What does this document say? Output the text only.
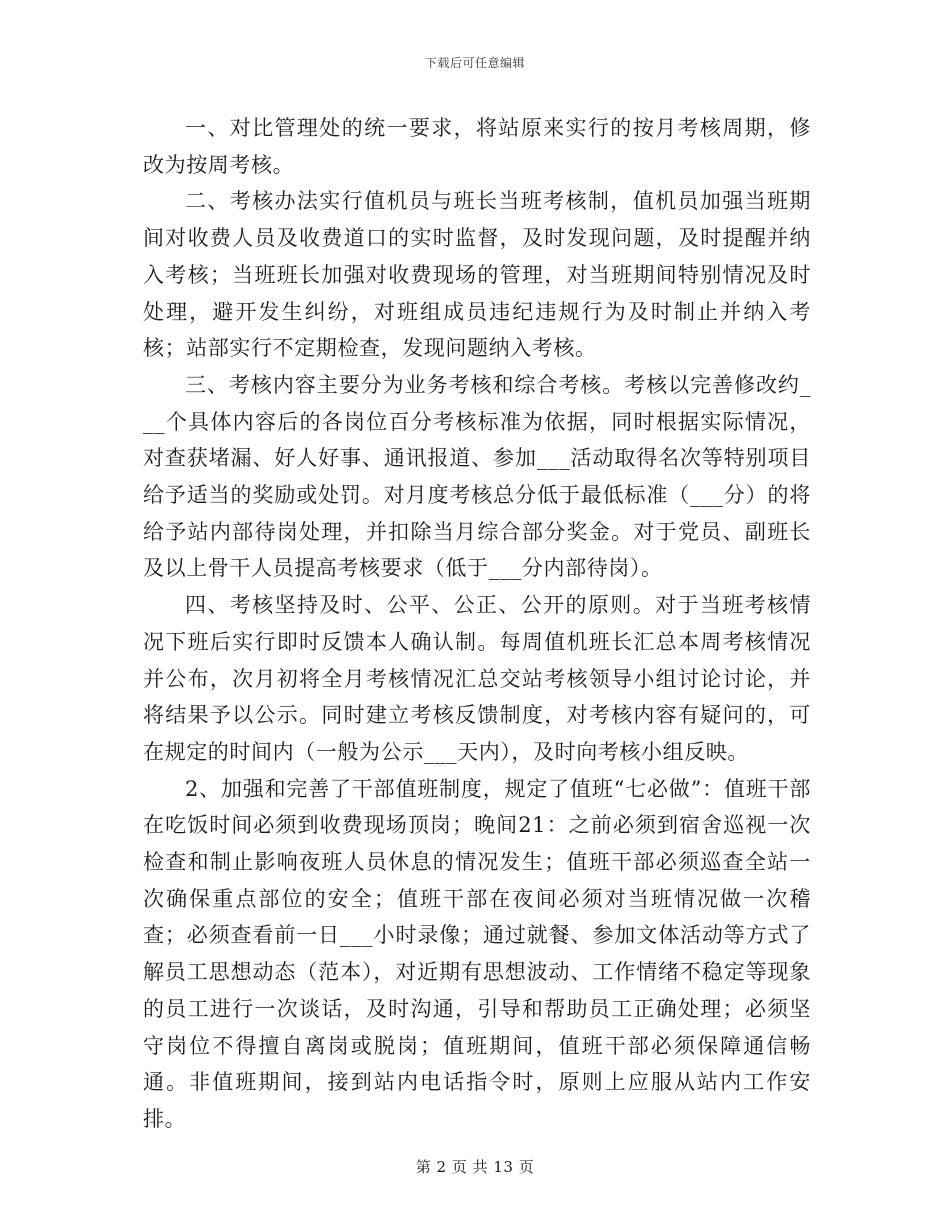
下载后可任意编辑

一、对比管理处的统一要求，将站原来实行的按月考核周期，修改为按周考核。

二、考核办法实行值机员与班长当班考核制，值机员加强当班期间对收费人员及收费道口的实时监督，及时发现问题，及时提醒并纳入考核；当班班长加强对收费现场的管理，对当班期间特别情况及时处理，避开发生纠纷，对班组成员违纪违规行为及时制止并纳入考核；站部实行不定期检查，发现问题纳入考核。

三、考核内容主要分为业务考核和综合考核。考核以完善修改约___个具体内容后的各岗位百分考核标准为依据，同时根据实际情况，对查获堵漏、好人好事、通讯报道、参加___活动取得名次等特别项目给予适当的奖励或处罚。对月度考核总分低于最低标准（___分）的将给予站内部待岗处理，并扣除当月综合部分奖金。对于党员、副班长及以上骨干人员提高考核要求（低于___分内部待岗）。

四、考核坚持及时、公平、公正、公开的原则。对于当班考核情况下班后实行即时反馈本人确认制。每周值机班长汇总本周考核情况并公布，次月初将全月考核情况汇总交站考核领导小组讨论讨论，并将结果予以公示。同时建立考核反馈制度，对考核内容有疑问的，可在规定的时间内（一般为公示___天内），及时向考核小组反映。

2、加强和完善了干部值班制度，规定了值班“七必做”：值班干部在吃饭时间必须到收费现场顶岗；晚间21：之前必须到宿舍巡视一次检查和制止影响夜班人员休息的情况发生；值班干部必须巡查全站一次确保重点部位的安全；值班干部在夜间必须对当班情况做一次稽查；必须查看前一日___小时录像；通过就餐、参加文体活动等方式了解员工思想动态（范本），对近期有思想波动、工作情绪不稳定等现象的员工进行一次谈话，及时沟通，引导和帮助员工正确处理；必须坚守岗位不得擅自离岗或脱岗；值班期间，值班干部必须保障通信畅通。非值班期间，接到站内电话指令时，原则上应服从站内工作安排。

第 2 页 共 13 页
